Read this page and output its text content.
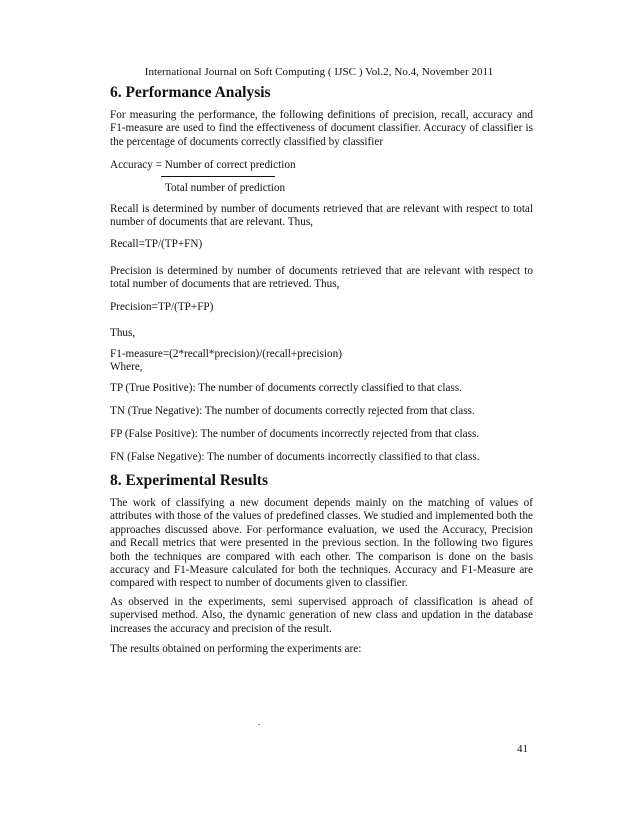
International Journal on Soft Computing ( IJSC ) Vol.2, No.4, November 2011
6. Performance Analysis

For measuring the performance, the following definitions of precision, recall, accuracy and F1-measure are used to find the effectiveness of document classifier. Accuracy of classifier is the percentage of documents correctly classified by classifier

Accuracy = Number of correct prediction

Total number of prediction

Recall is determined by number of documents retrieved that are relevant with respect to total number of documents that are relevant. Thus,

Recall=TP/(TP+FN)

Precision is determined by number of documents retrieved that are relevant with respect to total number of documents that are retrieved. Thus,

Precision=TP/(TP+FP)

Thus,

F1-measure=(2*recall*precision)/(recall+precision)

Where,

TP (True Positive): The number of documents correctly classified to that class.

TN (True Negative): The number of documents correctly rejected from that class.

FP (False Positive): The number of documents incorrectly rejected from that class.

FN (False Negative): The number of documents incorrectly classified to that class.

8. Experimental Results

The work of classifying a new document depends mainly on the matching of values of attributes with those of the values of predefined classes. We studied and implemented both the approaches discussed above. For performance evaluation, we used the Accuracy, Precision and Recall metrics that were presented in the previous section. In the following two figures both the techniques are compared with each other. The comparison is done on the basis accuracy and F1-Measure calculated for both the techniques. Accuracy and F1-Measure are compared with respect to number of documents given to classifier.

As observed in the experiments, semi supervised approach of classification is ahead of supervised method. Also, the dynamic generation of new class and updation in the database increases the accuracy and precision of the result.

The results obtained on performing the experiments are:

.
41
